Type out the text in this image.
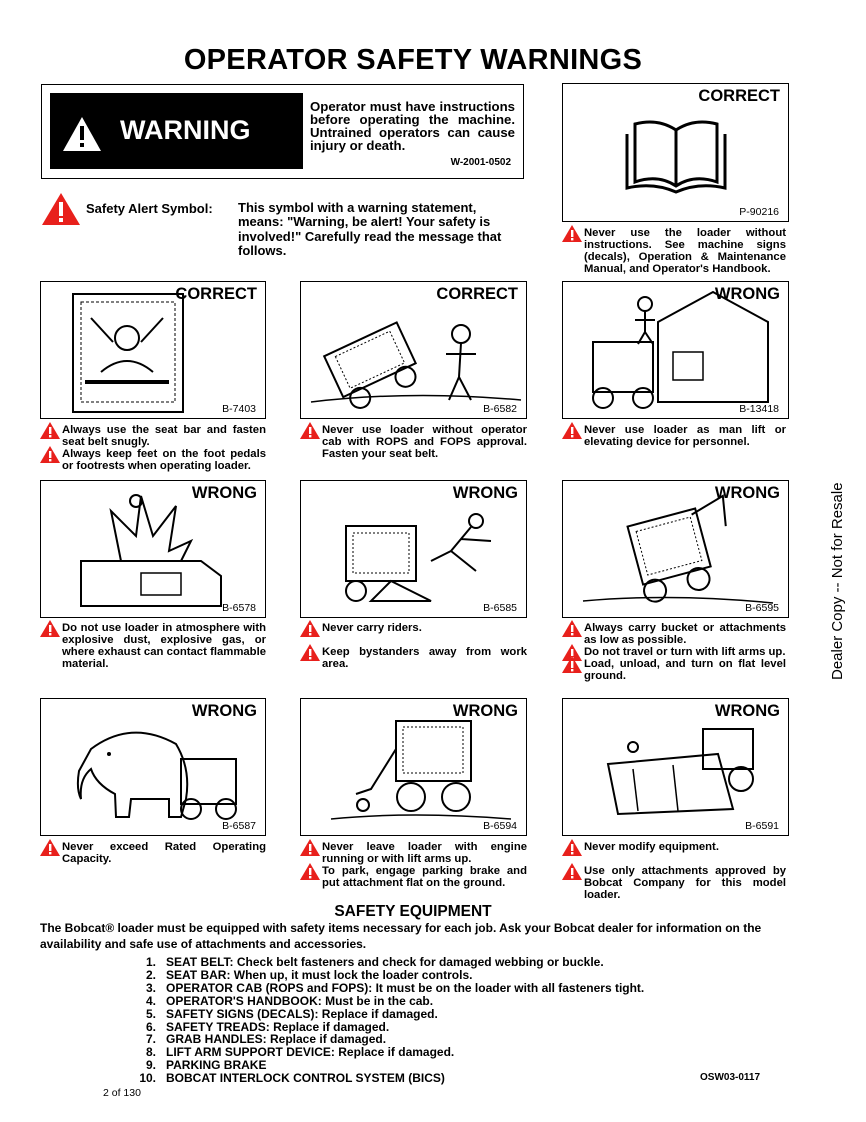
OPERATOR SAFETY WARNINGS
WARNING
Operator must have instructions before operating the machine. Untrained operators can cause injury or death.
W-2001-0502
Safety Alert Symbol: This symbol with a warning statement, means: "Warning, be alert! Your safety is involved!" Carefully read the message that follows.
CORRECT
P-90216
Never use the loader without instructions. See machine signs (decals), Operation & Maintenance Manual, and Operator's Handbook.
CORRECT
B-7403
Always use the seat bar and fasten seat belt snugly.
Always keep feet on the foot pedals or footrests when operating loader.
CORRECT
B-6582
Never use loader without operator cab with ROPS and FOPS approval. Fasten your seat belt.
WRONG
B-13418
Never use loader as man lift or elevating device for personnel.
WRONG
B-6578
Do not use loader in atmosphere with explosive dust, explosive gas, or where exhaust can contact flammable material.
WRONG
B-6585
Never carry riders.
Keep bystanders away from work area.
WRONG
B-6595
Always carry bucket or attachments as low as possible.
Do not travel or turn with lift arms up.
Load, unload, and turn on flat level ground.
WRONG
B-6587
Never exceed Rated Operating Capacity.
WRONG
B-6594
Never leave loader with engine running or with lift arms up.
To park, engage parking brake and put attachment flat on the ground.
WRONG
B-6591
Never modify equipment.
Use only attachments approved by Bobcat Company for this model loader.
SAFETY EQUIPMENT
The Bobcat® loader must be equipped with safety items necessary for each job. Ask your Bobcat dealer for information on the availability and safe use of attachments and accessories.
1. SEAT BELT: Check belt fasteners and check for damaged webbing or buckle.
2. SEAT BAR: When up, it must lock the loader controls.
3. OPERATOR CAB (ROPS and FOPS): It must be on the loader with all fasteners tight.
4. OPERATOR'S HANDBOOK: Must be in the cab.
5. SAFETY SIGNS (DECALS): Replace if damaged.
6. SAFETY TREADS: Replace if damaged.
7. GRAB HANDLES: Replace if damaged.
8. LIFT ARM SUPPORT DEVICE: Replace if damaged.
9. PARKING BRAKE
10. BOBCAT INTERLOCK CONTROL SYSTEM (BICS)	OSW03-0117
2 of 130
Dealer Copy -- Not for Resale
